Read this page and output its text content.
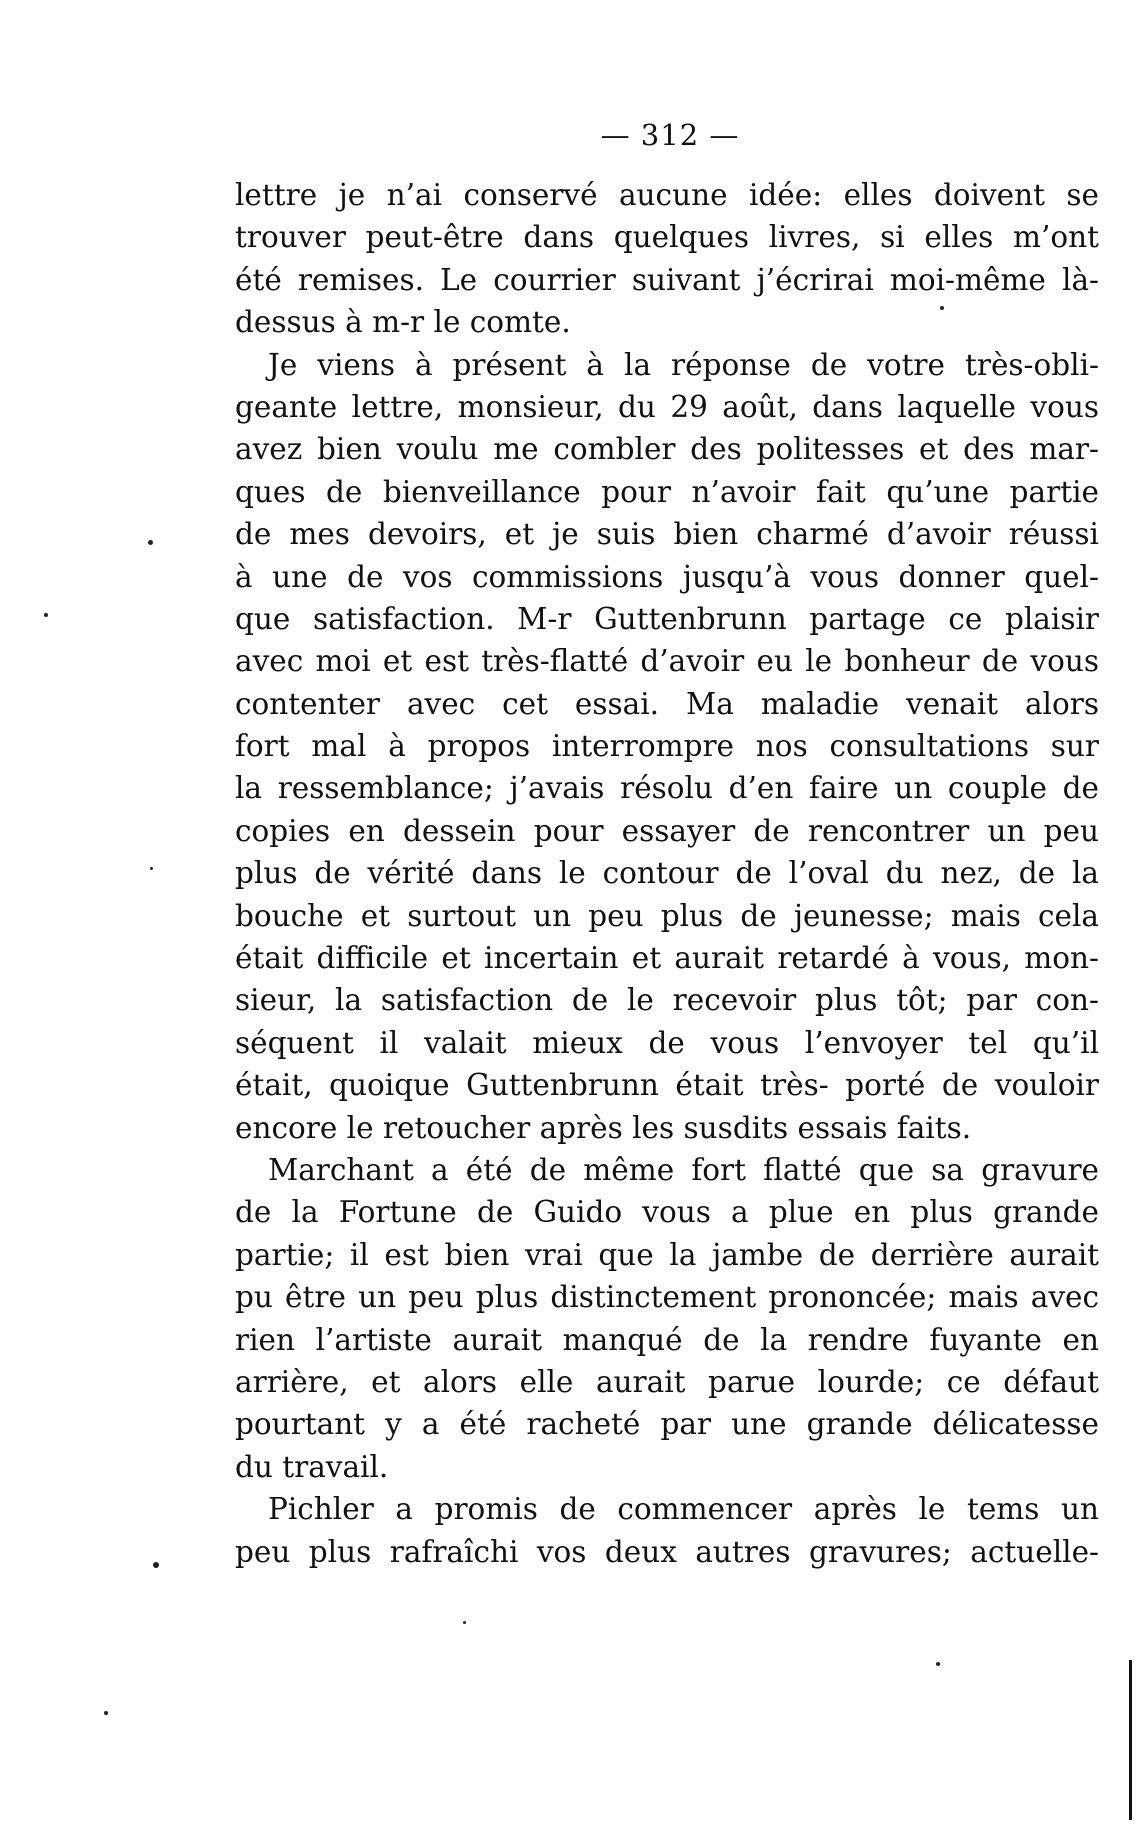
— 312 —
lettre je n’ai conservé aucune idée: elles doivent se
trouver peut-être dans quelques livres, si elles m’ont
été remises. Le courrier suivant j’écrirai moi-même là-
dessus à m-r le comte.
Je viens à présent à la réponse de votre très-obli-
geante lettre, monsieur, du 29 août, dans laquelle vous
avez bien voulu me combler des politesses et des mar-
ques de bienveillance pour n’avoir fait qu’une partie
de mes devoirs, et je suis bien charmé d’avoir réussi
à une de vos commissions jusqu’à vous donner quel-
que satisfaction. M-r Guttenbrunn partage ce plaisir
avec moi et est très-flatté d’avoir eu le bonheur de vous
contenter avec cet essai. Ma maladie venait alors
fort mal à propos interrompre nos consultations sur
la ressemblance; j’avais résolu d’en faire un couple de
copies en dessein pour essayer de rencontrer un peu
plus de vérité dans le contour de l’oval du nez, de la
bouche et surtout un peu plus de jeunesse; mais cela
était difficile et incertain et aurait retardé à vous, mon-
sieur, la satisfaction de le recevoir plus tôt; par con-
séquent il valait mieux de vous l’envoyer tel qu’il
était, quoique Guttenbrunn était très- porté de vouloir
encore le retoucher après les susdits essais faits.
Marchant a été de même fort flatté que sa gravure
de la Fortune de Guido vous a plue en plus grande
partie; il est bien vrai que la jambe de derrière aurait
pu être un peu plus distinctement prononcée; mais avec
rien l’artiste aurait manqué de la rendre fuyante en
arrière, et alors elle aurait parue lourde; ce défaut
pourtant y a été racheté par une grande délicatesse
du travail.
Pichler a promis de commencer après le tems un
peu plus rafraîchi vos deux autres gravures; actuelle-
